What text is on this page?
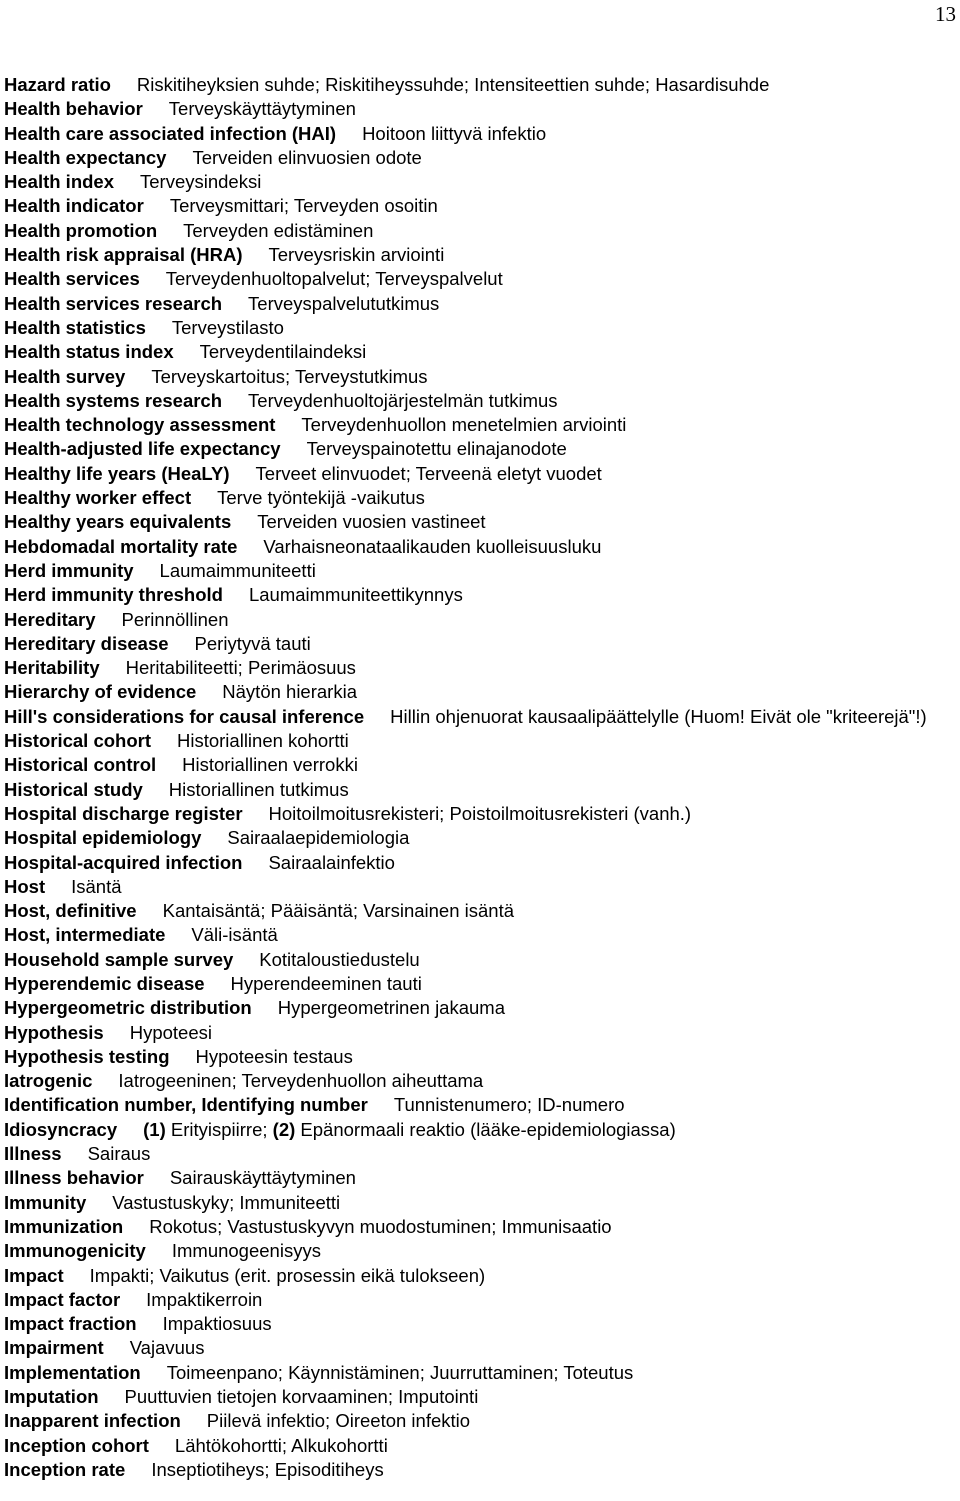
13
Hazard ratio Riskitiheyksien suhde; Riskitiheyssuhde; Intensiteettien suhde; Hasardisuhde
Health behavior Terveyskäyttäytyminen
Health care associated infection (HAI) Hoitoon liittyvä infektio
Health expectancy Terveiden elinvuosien odote
Health index Terveysindeksi
Health indicator Terveysmittari; Terveyden osoitin
Health promotion Terveyden edistäminen
Health risk appraisal (HRA) Terveysriskin arviointi
Health services Terveydenhuoltopalvelut; Terveyspalvelut
Health services research Terveyspalvelututkimus
Health statistics Terveystilasto
Health status index Terveydentilaindeksi
Health survey Terveyskartoitus; Terveystutkimus
Health systems research Terveydenhuoltojärjestelmän tutkimus
Health technology assessment Terveydenhuollon menetelmien arviointi
Health-adjusted life expectancy Terveyspainotettu elinajanodote
Healthy life years (HeaLY) Terveet elinvuodet; Terveenä eletyt vuodet
Healthy worker effect Terve työntekijä -vaikutus
Healthy years equivalents Terveiden vuosien vastineet
Hebdomadal mortality rate Varhaisneonataalikauden kuolleisuusluku
Herd immunity Laumaimmuniteetti
Herd immunity threshold Laumaimmuniteettikynnys
Hereditary Perinnöllinen
Hereditary disease Periytyvä tauti
Heritability Heritabiliteetti; Perimäosuus
Hierarchy of evidence Näytön hierarkia
Hill's considerations for causal inference Hillin ohjenuorat kausaalipäättelylle (Huom! Eivät ole "kriteerejä"!)
Historical cohort Historiallinen kohortti
Historical control Historiallinen verrokki
Historical study Historiallinen tutkimus
Hospital discharge register Hoitoilmoitusrekisteri; Poistoilmoitusrekisteri (vanh.)
Hospital epidemiology Sairaalaepidemiologia
Hospital-acquired infection Sairaalainfektio
Host Isäntä
Host, definitive Kantaisäntä; Pääisäntä; Varsinainen isäntä
Host, intermediate Väli-isäntä
Household sample survey Kotitaloustiedustelu
Hyperendemic disease Hyperendeeminen tauti
Hypergeometric distribution Hypergeometrinen jakauma
Hypothesis Hypoteesi
Hypothesis testing Hypoteesin testaus
Iatrogenic Iatrogeeninen; Terveydenhuollon aiheuttama
Identification number, Identifying number Tunnistenumero; ID-numero
Idiosyncracy (1) Erityispiirre; (2) Epänormaali reaktio (lääke-epidemiologiassa)
Illness Sairaus
Illness behavior Sairauskäyttäytyminen
Immunity Vastustuskyky; Immuniteetti
Immunization Rokotus; Vastustuskyvyn muodostuminen; Immunisaatio
Immunogenicity Immunogeenisyys
Impact Impakti; Vaikutus (erit. prosessin eikä tulokseen)
Impact factor Impaktikerroin
Impact fraction Impaktiosuus
Impairment Vajavuus
Implementation Toimeenpano; Käynnistäminen; Juurruttaminen; Toteutus
Imputation Puuttuvien tietojen korvaaminen; Imputointi
Inapparent infection Piilevä infektio; Oireeton infektio
Inception cohort Lähtökohortti; Alkukohortti
Inception rate Inseptiotiheys; Episoditiheys
